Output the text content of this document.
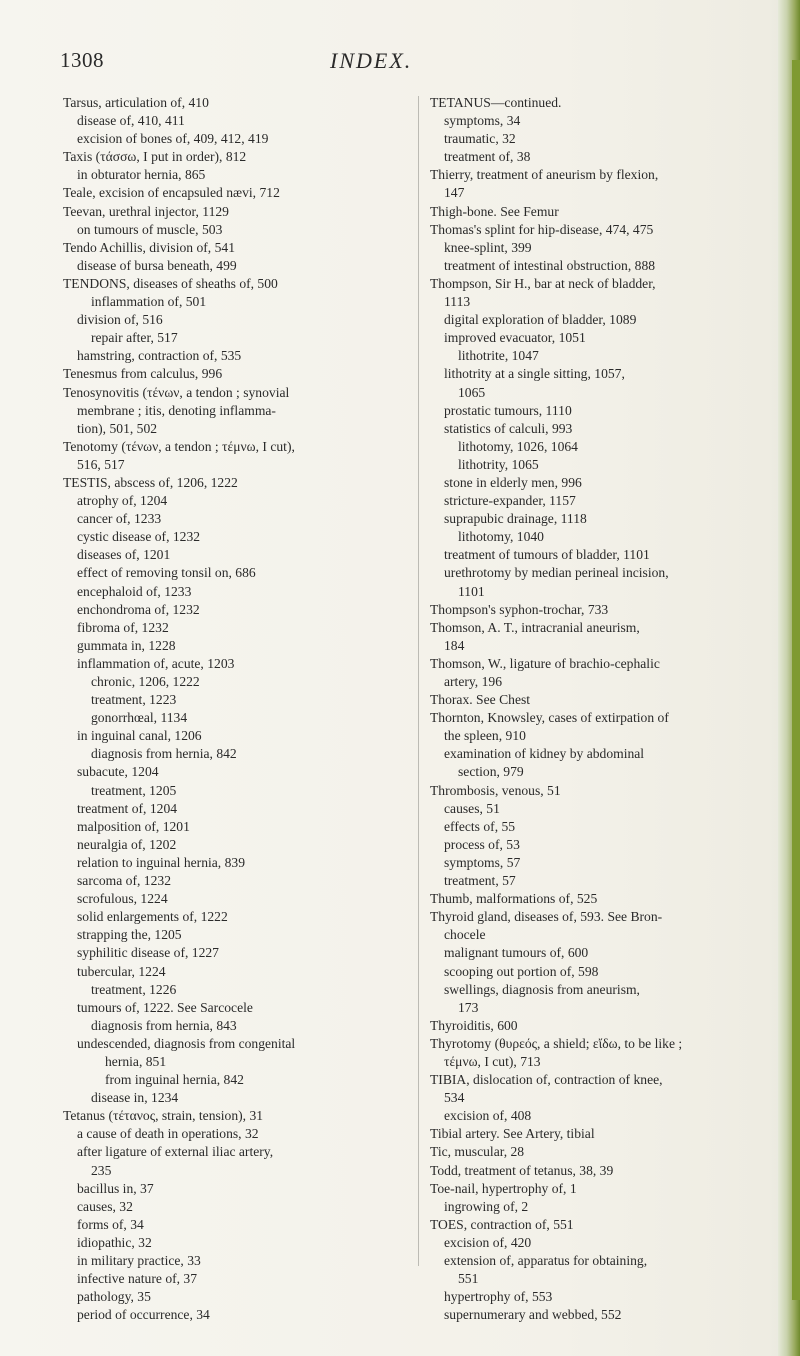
1308	INDEX.
Tarsus, articulation of, 410
disease of, 410, 411
excision of bones of, 409, 412, 419
Taxis (τάσσω, I put in order), 812
in obturator hernia, 865
Teale, excision of encapsuled nævi, 712
Teevan, urethral injector, 1129
on tumours of muscle, 503
Tendo Achillis, division of, 541
disease of bursa beneath, 499
TENDONS, diseases of sheaths of, 500
inflammation of, 501
division of, 516
repair after, 517
hamstring, contraction of, 535
Tenesmus from calculus, 996
Tenosynovitis (τένων, a tendon ; synovial
membrane ; itis, denoting inflamma-
tion), 501, 502
Tenotomy (τένων, a tendon ; τέμνω, I cut),
516, 517
TESTIS, abscess of, 1206, 1222
atrophy of, 1204
cancer of, 1233
cystic disease of, 1232
diseases of, 1201
effect of removing tonsil on, 686
encephaloid of, 1233
enchondroma of, 1232
fibroma of, 1232
gummata in, 1228
inflammation of, acute, 1203
chronic, 1206, 1222
treatment, 1223
gonorrhœal, 1134
in inguinal canal, 1206
diagnosis from hernia, 842
subacute, 1204
treatment, 1205
treatment of, 1204
malposition of, 1201
neuralgia of, 1202
relation to inguinal hernia, 839
sarcoma of, 1232
scrofulous, 1224
solid enlargements of, 1222
strapping the, 1205
syphilitic disease of, 1227
tubercular, 1224
treatment, 1226
tumours of, 1222. See Sarcocele
diagnosis from hernia, 843
undescended, diagnosis from congenital
hernia, 851
from inguinal hernia, 842
disease in, 1234
Tetanus (τέτανος, strain, tension), 31
a cause of death in operations, 32
after ligature of external iliac artery,
235
bacillus in, 37
causes, 32
forms of, 34
idiopathic, 32
in military practice, 33
infective nature of, 37
pathology, 35
period of occurrence, 34
TETANUS—continued.
symptoms, 34
traumatic, 32
treatment of, 38
Thierry, treatment of aneurism by flexion,
147
Thigh-bone. See Femur
Thomas's splint for hip-disease, 474, 475
knee-splint, 399
treatment of intestinal obstruction, 888
Thompson, Sir H., bar at neck of bladder,
1113
digital exploration of bladder, 1089
improved evacuator, 1051
lithotrite, 1047
lithotrity at a single sitting, 1057,
1065
prostatic tumours, 1110
statistics of calculi, 993
lithotomy, 1026, 1064
lithotrity, 1065
stone in elderly men, 996
stricture-expander, 1157
suprapubic drainage, 1118
lithotomy, 1040
treatment of tumours of bladder, 1101
urethrotomy by median perineal incision,
1101
Thompson's syphon-trochar, 733
Thomson, A. T., intracranial aneurism,
184
Thomson, W., ligature of brachio-cephalic
artery, 196
Thorax. See Chest
Thornton, Knowsley, cases of extirpation of
the spleen, 910
examination of kidney by abdominal
section, 979
Thrombosis, venous, 51
causes, 51
effects of, 55
process of, 53
symptoms, 57
treatment, 57
Thumb, malformations of, 525
Thyroid gland, diseases of, 593. See Bron-
chocele
malignant tumours of, 600
scooping out portion of, 598
swellings, diagnosis from aneurism,
173
Thyroiditis, 600
Thyrotomy (θυρεός, a shield; εἴδω, to be like ;
τέμνω, I cut), 713
TIBIA, dislocation of, contraction of knee,
534
excision of, 408
Tibial artery. See Artery, tibial
Tic, muscular, 28
Todd, treatment of tetanus, 38, 39
Toe-nail, hypertrophy of, 1
ingrowing of, 2
TOES, contraction of, 551
excision of, 420
extension of, apparatus for obtaining,
551
hypertrophy of, 553
supernumerary and webbed, 552
